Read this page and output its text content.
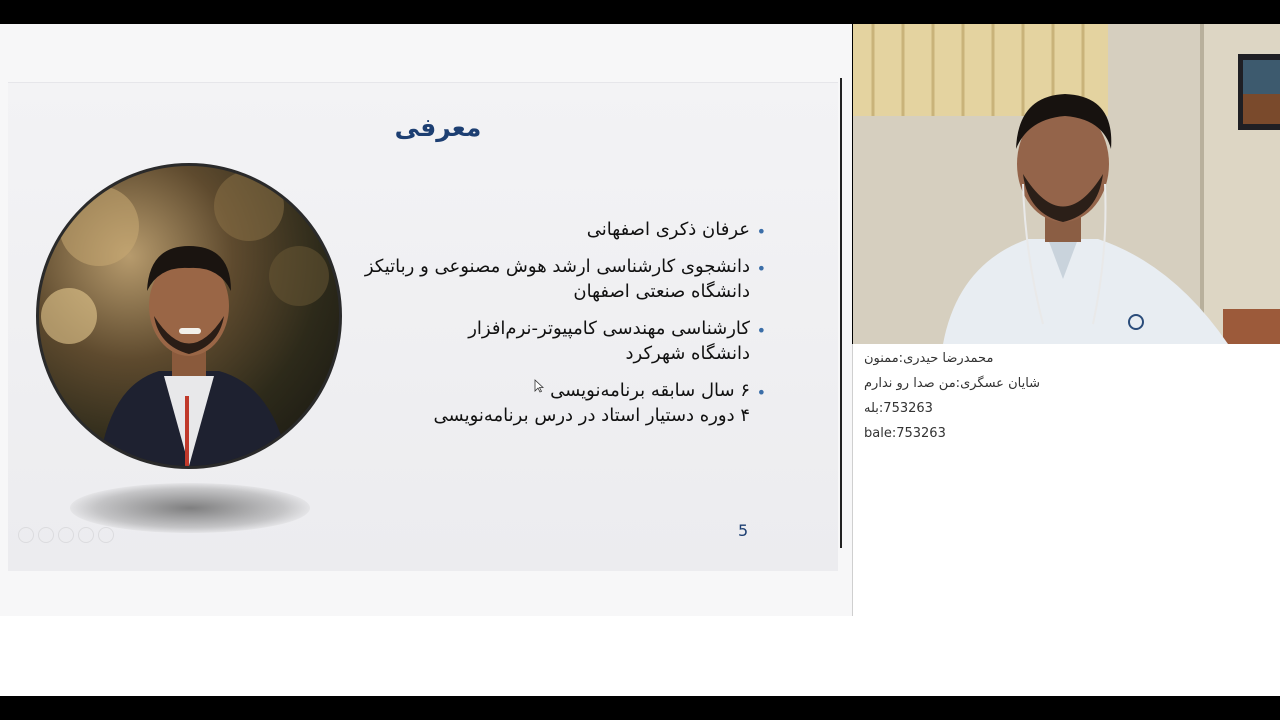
معرفی
•

عرفان ذکری اصفهانی

•

دانشجوی کارشناسی ارشد هوش مصنوعی و رباتیکز

دانشگاه صنعتی اصفهان

•

کارشناسی مهندسی کامپیوتر-نرم‌افزار

دانشگاه شهرکرد

•

۶ سال سابقه برنامه‌نویسی

۴ دوره دستیار استاد در درس برنامه‌نویسی

5
محمدرضا حیدری
:
ممنون
شایان عسگری
:
من صدا رو ندارم
753263
:
بله
753263
:
bale
